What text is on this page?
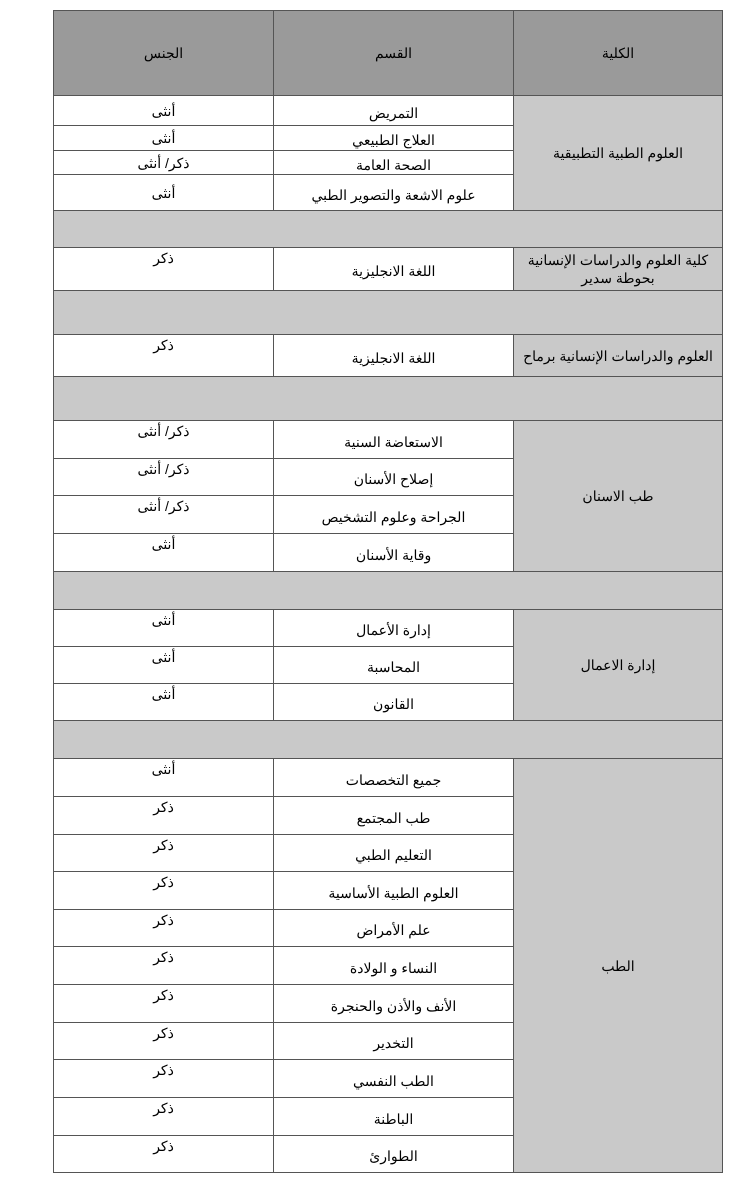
الكلية
القسم
الجنس
العلوم الطبية التطبيقية
التمريض
أنثى
العلاج الطبيعي
أنثى
الصحة العامة
ذكر/ أنثى
علوم الاشعة والتصوير الطبي
أنثى
كلية العلوم والدراسات الإنسانية بحوطة سدير
اللغة الانجليزية
ذكر
العلوم والدراسات الإنسانية برماح
اللغة الانجليزية
ذكر
طب الاسنان
الاستعاضة السنية
ذكر/ أنثى
إصلاح الأسنان
ذكر/ أنثى
الجراحة وعلوم التشخيص
ذكر/ أنثى
وقاية الأسنان
أنثى
إدارة الاعمال
إدارة الأعمال
أنثى
المحاسبة
أنثى
القانون
أنثى
الطب
جميع التخصصات
أنثى
طب المجتمع
ذكر
التعليم الطبي
ذكر
العلوم الطبية الأساسية
ذكر
علم الأمراض
ذكر
النساء و الولادة
ذكر
الأنف والأذن والحنجرة
ذكر
التخدير
ذكر
الطب النفسي
ذكر
الباطنة
ذكر
الطوارئ
ذكر
